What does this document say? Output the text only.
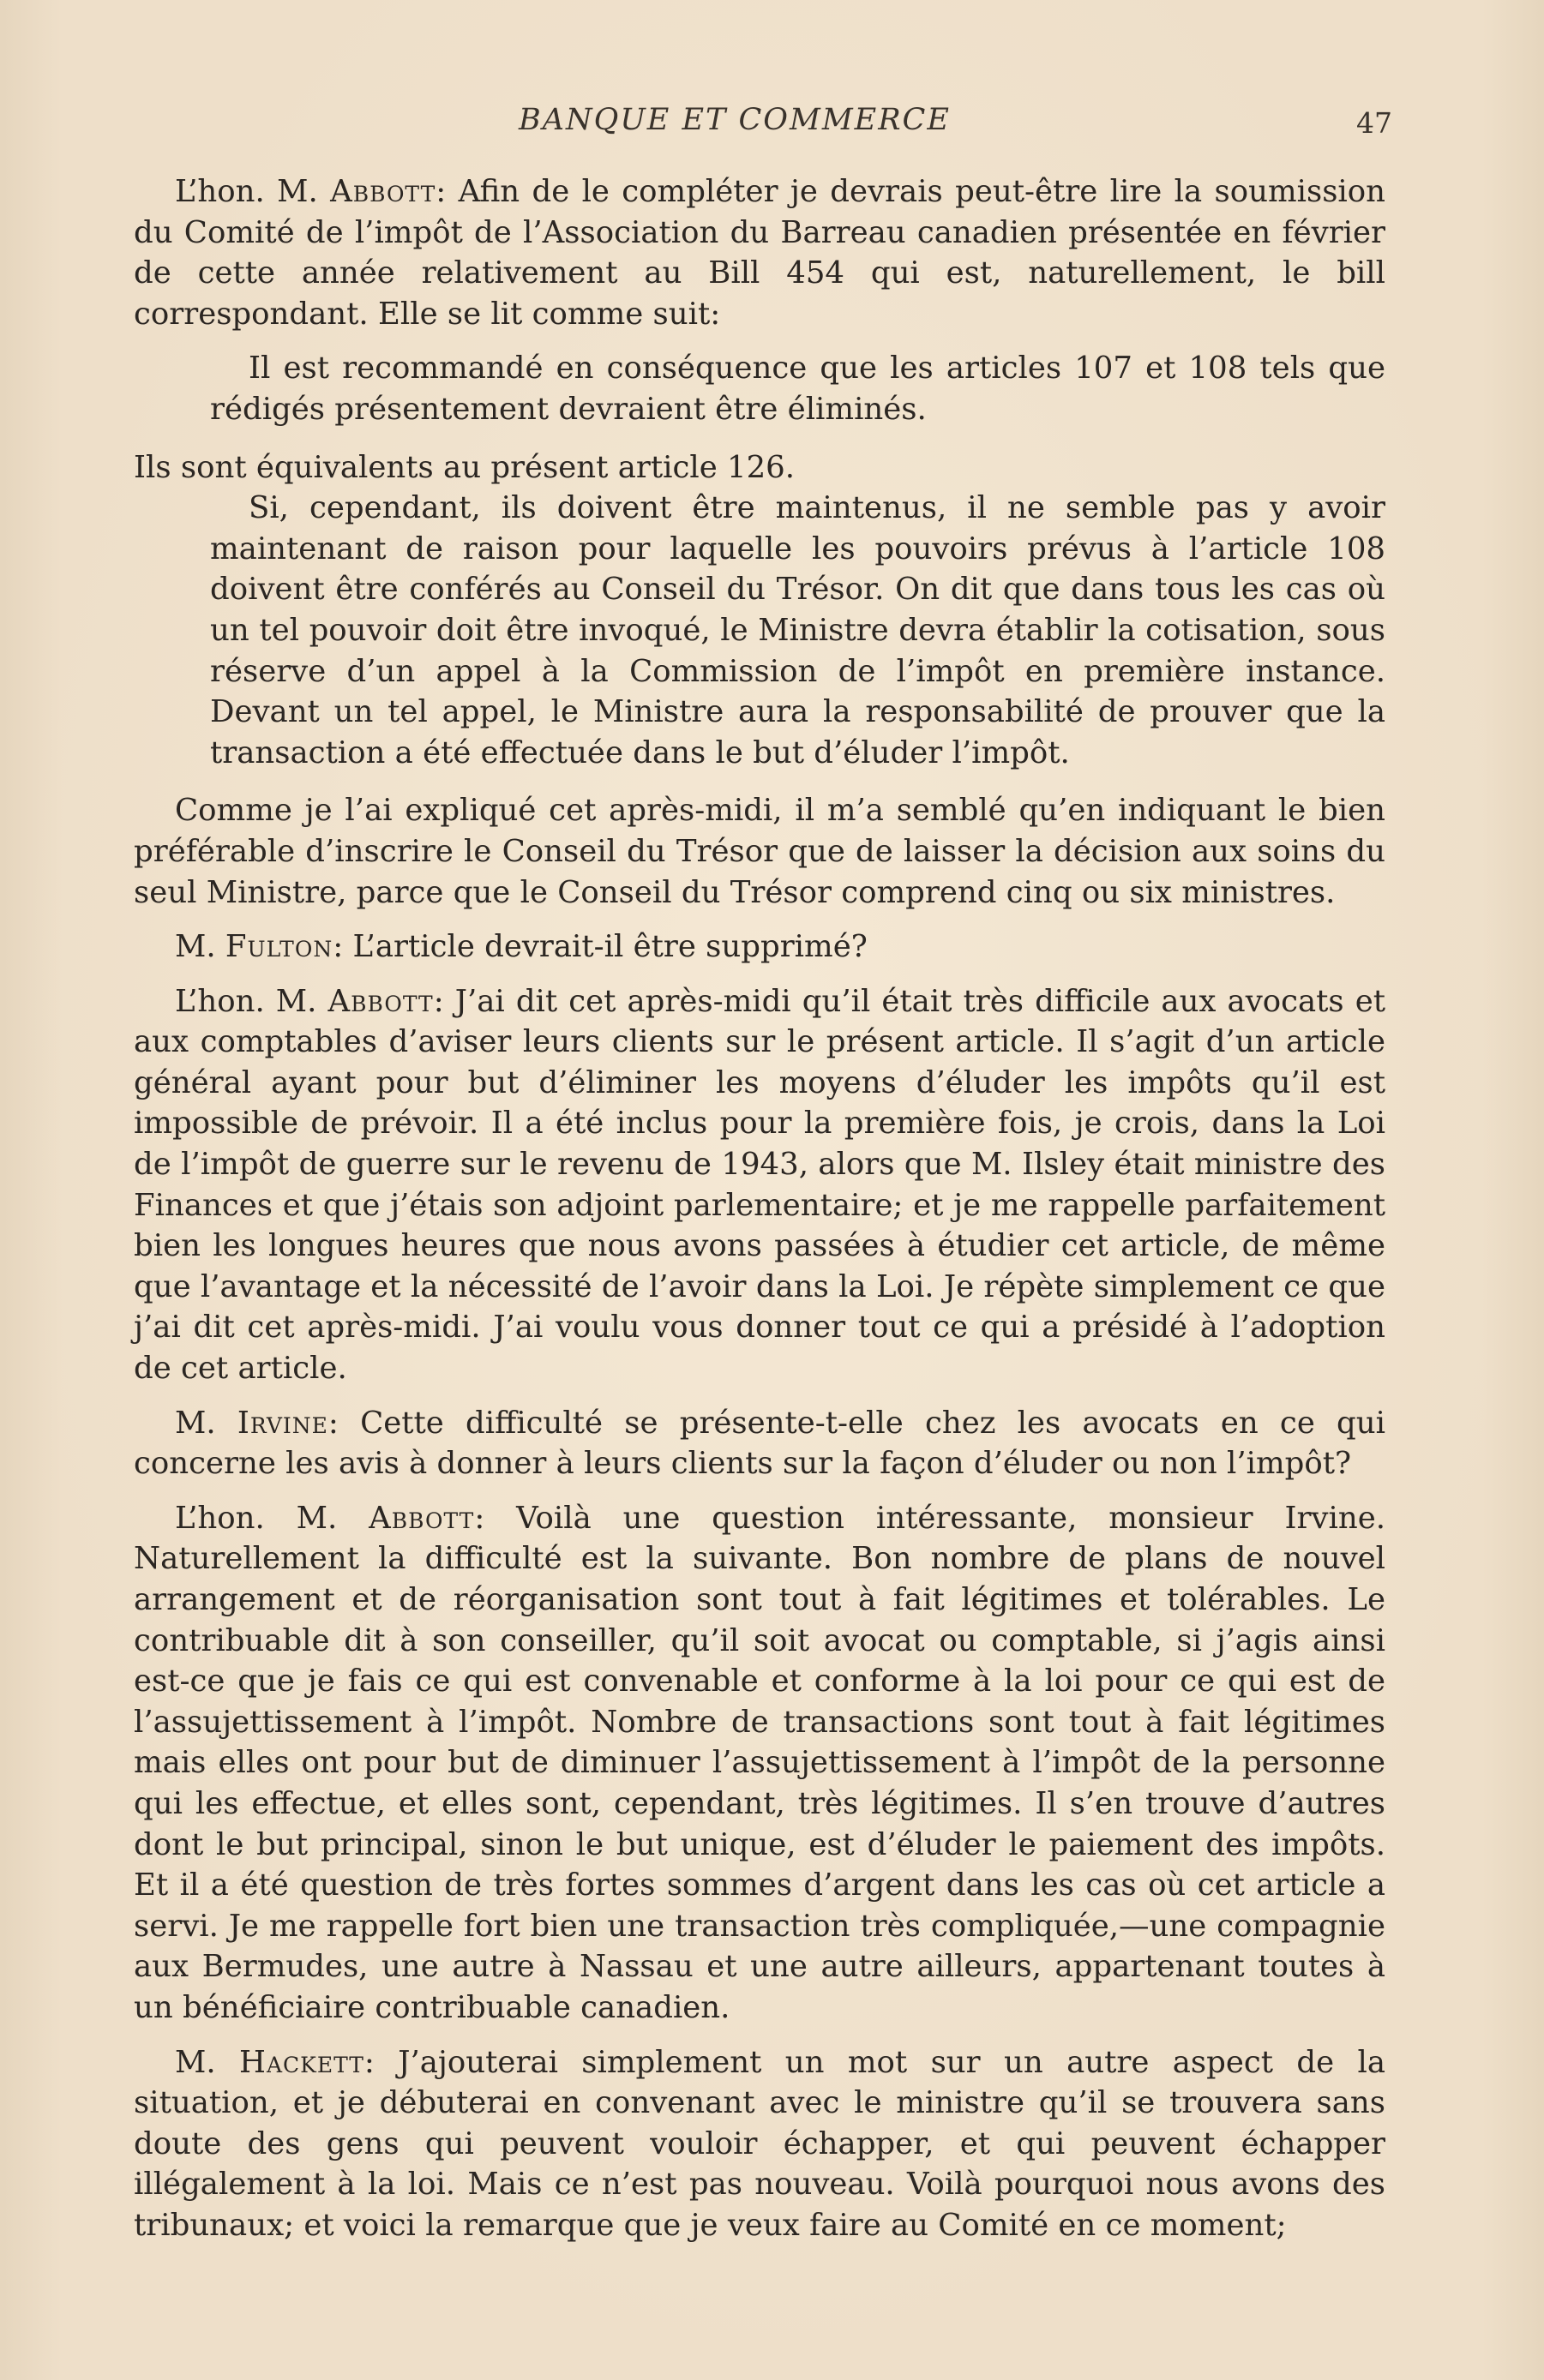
BANQUE ET COMMERCE	47

L’hon. M. Abbott: Afin de le compléter je devrais peut-être lire la soumission du Comité de l’impôt de l’Association du Barreau canadien présentée en février de cette année relativement au Bill 454 qui est, naturellement, le bill correspondant. Elle se lit comme suit:

Il est recommandé en conséquence que les articles 107 et 108 tels que rédigés présentement devraient être éliminés.

Ils sont équivalents au présent article 126.

Si, cependant, ils doivent être maintenus, il ne semble pas y avoir maintenant de raison pour laquelle les pouvoirs prévus à l’article 108 doivent être conférés au Conseil du Trésor. On dit que dans tous les cas où un tel pouvoir doit être invoqué, le Ministre devra établir la cotisation, sous réserve d’un appel à la Commission de l’impôt en première instance. Devant un tel appel, le Ministre aura la responsabilité de prouver que la transaction a été effectuée dans le but d’éluder l’impôt.

Comme je l’ai expliqué cet après-midi, il m’a semblé qu’en indiquant le bien préférable d’inscrire le Conseil du Trésor que de laisser la décision aux soins du seul Ministre, parce que le Conseil du Trésor comprend cinq ou six ministres.

M. Fulton: L’article devrait-il être supprimé?

L’hon. M. Abbott: J’ai dit cet après-midi qu’il était très difficile aux avocats et aux comptables d’aviser leurs clients sur le présent article. Il s’agit d’un article général ayant pour but d’éliminer les moyens d’éluder les impôts qu’il est impossible de prévoir. Il a été inclus pour la première fois, je crois, dans la Loi de l’impôt de guerre sur le revenu de 1943, alors que M. Ilsley était ministre des Finances et que j’étais son adjoint parlementaire; et je me rappelle parfaitement bien les longues heures que nous avons passées à étudier cet article, de même que l’avantage et la nécessité de l’avoir dans la Loi. Je répète simplement ce que j’ai dit cet après-midi. J’ai voulu vous donner tout ce qui a présidé à l’adoption de cet article.

M. Irvine: Cette difficulté se présente-t-elle chez les avocats en ce qui concerne les avis à donner à leurs clients sur la façon d’éluder ou non l’impôt?

L’hon. M. Abbott: Voilà une question intéressante, monsieur Irvine. Naturellement la difficulté est la suivante. Bon nombre de plans de nouvel arrangement et de réorganisation sont tout à fait légitimes et tolérables. Le contribuable dit à son conseiller, qu’il soit avocat ou comptable, si j’agis ainsi est-ce que je fais ce qui est convenable et conforme à la loi pour ce qui est de l’assujettissement à l’impôt. Nombre de transactions sont tout à fait légitimes mais elles ont pour but de diminuer l’assujettissement à l’impôt de la personne qui les effectue, et elles sont, cependant, très légitimes. Il s’en trouve d’autres dont le but principal, sinon le but unique, est d’éluder le paiement des impôts. Et il a été question de très fortes sommes d’argent dans les cas où cet article a servi. Je me rappelle fort bien une transaction très compliquée,—une compagnie aux Bermudes, une autre à Nassau et une autre ailleurs, appartenant toutes à un bénéficiaire contribuable canadien.

M. Hackett: J’ajouterai simplement un mot sur un autre aspect de la situation, et je débuterai en convenant avec le ministre qu’il se trouvera sans doute des gens qui peuvent vouloir échapper, et qui peuvent échapper illégalement à la loi. Mais ce n’est pas nouveau. Voilà pourquoi nous avons des tribunaux; et voici la remarque que je veux faire au Comité en ce moment;
